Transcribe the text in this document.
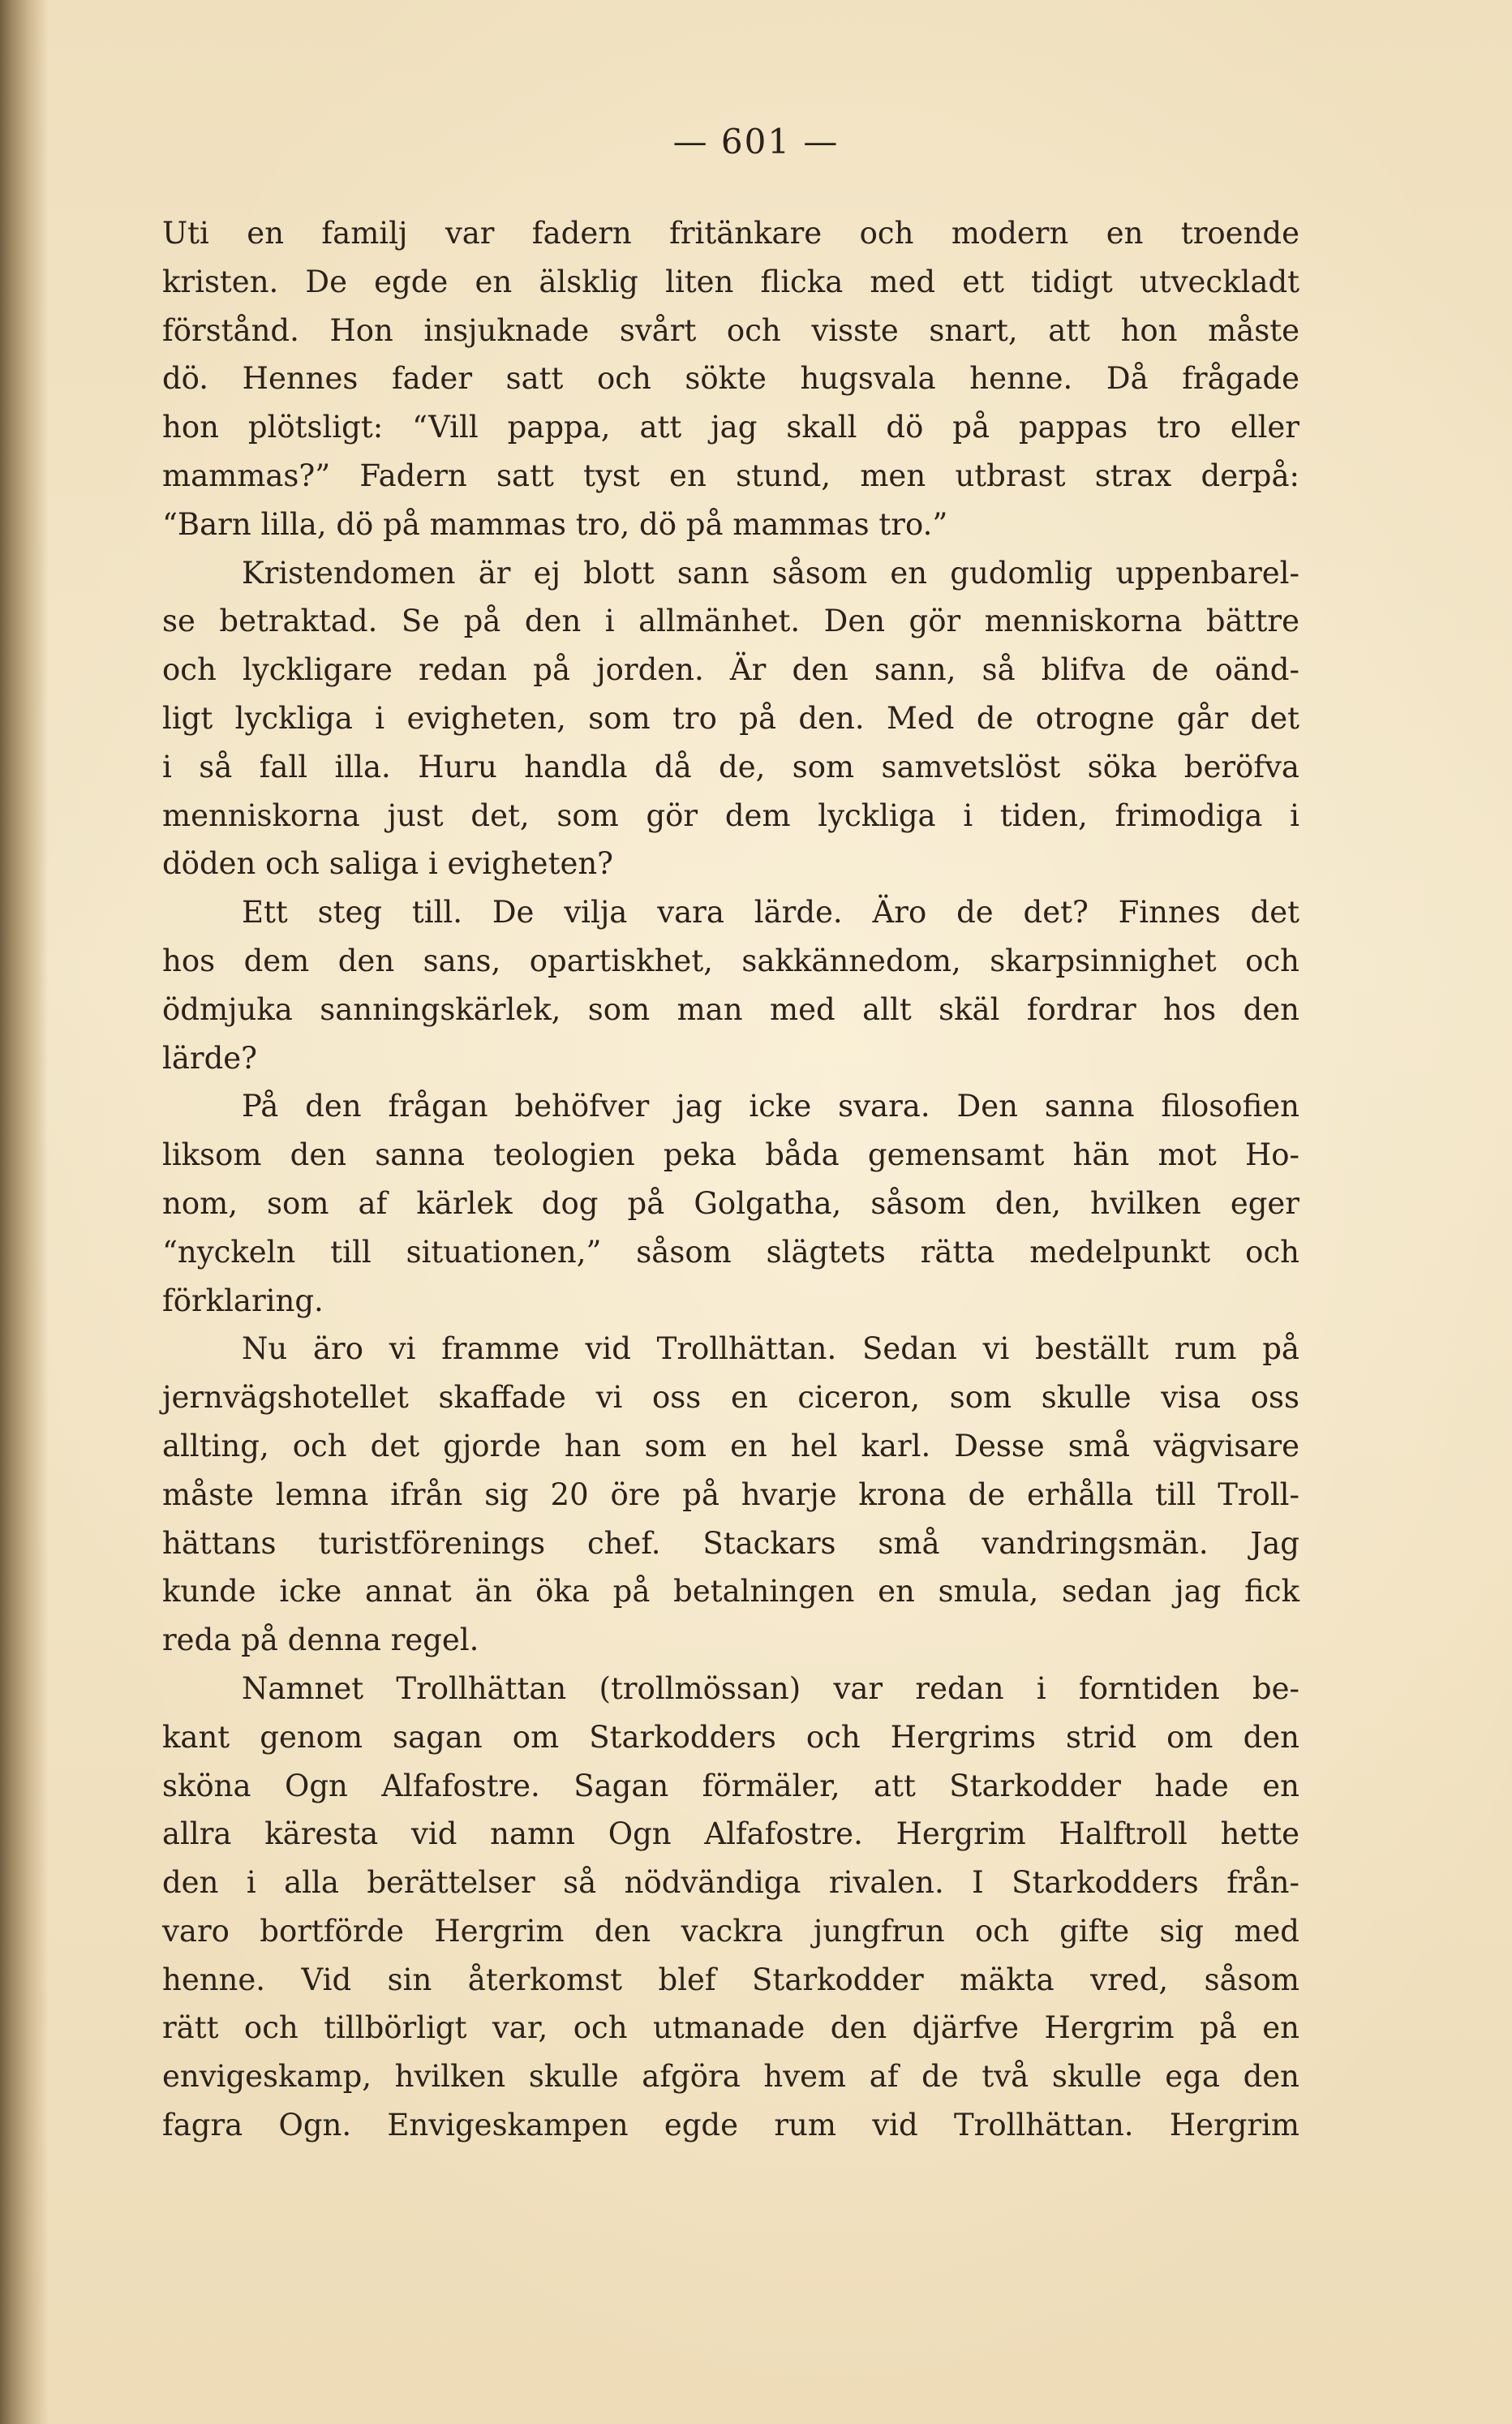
— 601 —
Uti en familj var fadern fritänkare och modern en troende
kristen. De egde en älsklig liten flicka med ett tidigt utveckladt
förstånd. Hon insjuknade svårt och visste snart, att hon måste
dö. Hennes fader satt och sökte hugsvala henne. Då frågade
hon plötsligt: “Vill pappa, att jag skall dö på pappas tro eller
mammas?” Fadern satt tyst en stund, men utbrast strax derpå:
“Barn lilla, dö på mammas tro, dö på mammas tro.”
Kristendomen är ej blott sann såsom en gudomlig uppenbarel-
se betraktad. Se på den i allmänhet. Den gör menniskorna bättre
och lyckligare redan på jorden. Är den sann, så blifva de oänd-
ligt lyckliga i evigheten, som tro på den. Med de otrogne går det
i så fall illa. Huru handla då de, som samvetslöst söka beröfva
menniskorna just det, som gör dem lyckliga i tiden, frimodiga i
döden och saliga i evigheten?
Ett steg till. De vilja vara lärde. Äro de det? Finnes det
hos dem den sans, opartiskhet, sakkännedom, skarpsinnighet och
ödmjuka sanningskärlek, som man med allt skäl fordrar hos den
lärde?
På den frågan behöfver jag icke svara. Den sanna filosofien
liksom den sanna teologien peka båda gemensamt hän mot Ho-
nom, som af kärlek dog på Golgatha, såsom den, hvilken eger
“nyckeln till situationen,” såsom slägtets rätta medelpunkt och
förklaring.
Nu äro vi framme vid Trollhättan. Sedan vi beställt rum på
jernvägshotellet skaffade vi oss en ciceron, som skulle visa oss
allting, och det gjorde han som en hel karl. Desse små vägvisare
måste lemna ifrån sig 20 öre på hvarje krona de erhålla till Troll-
hättans turistförenings chef. Stackars små vandringsmän. Jag
kunde icke annat än öka på betalningen en smula, sedan jag fick
reda på denna regel.
Namnet Trollhättan (trollmössan) var redan i forntiden be-
kant genom sagan om Starkodders och Hergrims strid om den
sköna Ogn Alfafostre. Sagan förmäler, att Starkodder hade en
allra käresta vid namn Ogn Alfafostre. Hergrim Halftroll hette
den i alla berättelser så nödvändiga rivalen. I Starkodders från-
varo bortförde Hergrim den vackra jungfrun och gifte sig med
henne. Vid sin återkomst blef Starkodder mäkta vred, såsom
rätt och tillbörligt var, och utmanade den djärfve Hergrim på en
envigeskamp, hvilken skulle afgöra hvem af de två skulle ega den
fagra Ogn. Envigeskampen egde rum vid Trollhättan. Hergrim
